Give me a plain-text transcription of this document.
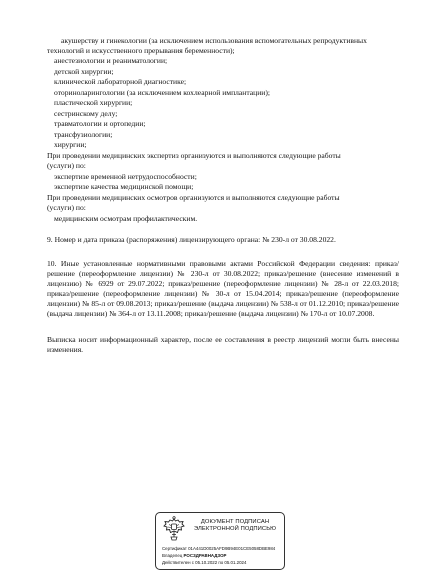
акушерству и гинекологии (за исключением использования вспомогательных репродуктивных
технологий и искусственного прерывания беременности);
анестезиологии и реаниматологии;
детской хирургии;
клинической лабораторной диагностике;
оториноларингологии (за исключением кохлеарной имплантации);
пластической хирургии;
сестринскому делу;
травматологии и ортопедии;
трансфузиологии;
хирургии;
При проведении медицинских экспертиз организуются и выполняются следующие работы
(услуги) по:
экспертизе временной нетрудоспособности;
экспертизе качества медицинской помощи;
При проведении медицинских осмотров организуются и выполняются следующие работы
(услуги) по:
медицинским осмотрам профилактическим.
9. Номер и дата приказа (распоряжения) лицензирующего органа: № 230-л от 30.08.2022.
10. Иные установленные нормативными правовыми актами Российской Федерации сведения: приказ/решение (переоформление лицензии) № 230-л от 30.08.2022; приказ/решение (внесение изменений в лицензию) № 6929 от 29.07.2022; приказ/решение (переоформление лицензии) № 28-л от 22.03.2018; приказ/решение (переоформление лицензии) № 30-л от 15.04.2014; приказ/решение (переоформление лицензии) № 85-л от 09.08.2013; приказ/решение (выдача лицензии) № 538-л от 01.12.2010; приказ/решение (выдача лицензии) № 364-л от 13.11.2008; приказ/решение (выдача лицензии) № 170-л от 10.07.2008.
Выписка носит информационный характер, после ее составления в реестр лицензий могли быть внесены изменения.
ДОКУМЕНТ ПОДПИСАН
ЭЛЕКТРОННОЙ ПОДПИСЬЮ
Сертификат 01A441D0025AFD9B94E01CE5058DBE984
Владелец РОСЗДРАВНАДЗОР
Действителен с 05.10.2022 по 05.01.2024
